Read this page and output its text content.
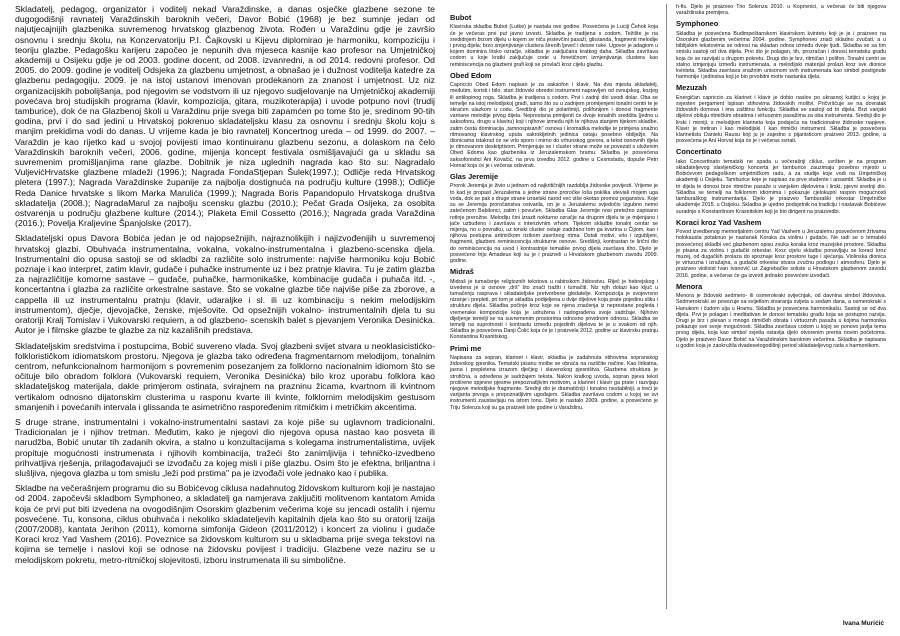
Skladatelj, pedagog, organizator i voditelj nekad Varaždinske, a danas osječke glazbene sezone te dugogodišnji ravnatelj Varaždinskih baroknih večeri, Davor Bobić (1968) je bez sumnje jedan od najutjecajnijih glazbenika suvremenog hrvatskog glazbenog života. Rođen u Varaždinu gdje je završio osnovnu i srednju školu, na Konzervatoriju P.I. Čajkovski u Kijevu diplomirao je harmoniku, kompoziciju i teoriju glazbe. Pedagošku karijeru započeo je nepunih dva mjeseca kasnije kao profesor na Umjetničkoj akademiji u Osijeku gdje je od 2003. godine docent, od 2008. izvanredni, a od 2014. redovni profesor. Od 2005. do 2009. godine je voditelj Odsjeka za glazbenu umjetnost, a obnašao je i dužnost voditelja katedre za glazbenu pedagogiju. 2009. je na istoj ustanovi imenovan prodekanom za znanost i umjetnost. Uz niz organizacijskih pobolijšanja, pod njegovim se vodstvom ili uz njegovo sudjelovanje na Umjetničkoj akademiji povećava broj studijskih programa (klavir, kompozicija, gitara, muzikoterapija) i uvode potpuno novi (trudij tamburice), dok će na Glazbenoj školi u Varaždinu prije svega biti zapamćen po tome što je, sredinom 90-tih godina, prvi i do sad jedini u Hrvatskoj pokrenuo skladateljsku klasu za osnovnu i srednju školu koju s manjim prekidima vodi do danas. U vrijeme kada je bio ravnatelj Koncertnog ureda – od 1999. do 2007. – Varaždin je kao rijetko kad u svojoj povijesti imao kontinuiranu glazbenu sezonu, a dolaskom na čelo Varaždinskih baroknih večeri, 2006. godine, mijenja koncept festivala osmišljavajući ga u skladu sa suvremenim promišljanjima rane glazbe. Dobitnik je niza uglednih nagrada kao što su: Nagradalo VuljevićHrvatske glazbene mladeži (1996.); Nagrada FondaStjepan Šulek(1997.); Odličje reda Hrvatskog pletera (1997.); Nagrada Varaždinske županije za najbolja dostignuća na području kulture (1998.); Odličje Reda Danice hrvatske s likom Marka Marulića (1999.); Nagrada Boris Papandopulo Hrvatskoga društva skladatelja (2008.); NagradaMarul za najbolju scensku glazbu (2010.); Pečat Grada Osijeka, za osobita ostvarenja u području glazbene kulture (2014.); Plaketa Emil Cossetto (2016.); Nagrada grada Varaždina (2016.); Povelja Kraljevine Španjolske (2017).

Skladateljski opus Davora Bobića jedan je od najopsežnijih, najraznolikijih i najizvođenijih u suvremenoj hrvatskoj glazbi. Obuhvaća instrumentalna, vokalna, vokalno-instrumentalna i glazbeno-scenska djela. Instrumentalni dio opusa sastoji se od skladbi za različite solo instrumente: najviše harmoniku koju Bobić poznaje i kao interpret, zatim klavir, gudače i puhačke instrumente uz i bez pratnje klavira. Tu je zatim glazba za najrazličitije komorne sastave – gudače, puhačke, harmonikaške, kombinacije gudača i puhača itd. -, koncertantna i glazba za različite orkestralne sastave. Što se vokalne glazbe tiče najviše piše za zborove, a cappella ili uz instrumentalnu pratnju (klavir, udaraljke i sl. ili uz kombinaciju s nekim melodijskim instrumentom), dječje, djevojačke, ženske, mješovite. Od opsežnijih vokalno- instrumentalnih djela tu su oratoriji Kralj Tomislav i Vukovarski requiem, a od glazbeno- scenskih balet s pjevanjem Veronika Desinićka. Autor je i filmske glazbe te glazbe za niz kazališnih predstava.

Skladateljskim sredstvima i postupcima, Bobić suvereno vlada. Svoj glazbeni svijet stvara u neoklasicistićko-folklorističkom idiomatskom prostoru. Njegova je glazba tako određena fragmentarnom melodijom, tonalnim centrom, nefunkcionalnom harmonijom s povremenim posezanjem za folklorno nacionalnim idiomom što se očituje bilo obradom folklora (Vukovarski requiem, Veronika Desinićka) bilo kroz uporabu folklora kao skladateljskog materijala, dakle primjerom ostinata, svirajnem na prazninu žicama, kvartnom ili kvintnom vertikalom odnosno dijatonskim clusterima u rasponu kvarte ili kvinte, folklornim melodijskim gestusom smanjenih i povećanih intervala i glissanda te asimetrično raspoređenim ritmičkim i metričkim akcentima.

S druge strane, instrumentalni i vokalno-instrumentalni sastavi za koje piše su uglavnom tradicionalni. Tradicionalan je i njihov tretman. Međutim, kako je njegovi dio njegova opusa nastao kao posveta ili narudžba, Bobić unutar tih zadanih okvira, a stalno u konzultacijama s kolegama instrumentalistima, uvijek propituje mogućnosti instrumenata i njihovih kombinacija, tražeći što zanimljivija i tehničko-izvedbeno prihvatljiva rješenja, prilagođavajući se izvođaču za kojeg misli i piše glazbu. Osim što je efektna, briljantna i slušljiva, njegova glazba u tom smislu „leži pod prstima" pa je izvođači vole jednako kao i publika.

Skladbe na večerašnjem programu dio su Bobićevog ciklusa nadahnutog židovskom kulturom koji je nastajao od 2004. započevši skladbom Symphoneo, a skladatelj ga namjerava zaključiti molitvenom kantatom Amida koja će prvi put biti izvedena na ovogodišnjim Osorskim glazbenim večerima koje su jencadi ostalih i njemu posvećene. Tu, konsona, ciklus obuhvaća i nekoliko skladateljevih kapitalnih djela kao što su oratorij Izaija (2007/2008), kantata Jerihon (2011), komorna simfonija Gideon (2011/2012) i koncert za violinu i gudače Koraci kroz Yad Vashem (2016). Poveznice sa židovskom kulturom su u skladbama prije svega tekstovi na kojima se temelje i naslovi koji se odnose na židovsku povijest i tradiciju. Glazbene veze naziru se u melodijskom pokretu, metro-ritmičkoj slojevitosti, izboru instrumenata ili su simbolične.

Bubot

Klavirska skladba Bubot (Lutke) je nastala ove godine. Posvećena je Luciji Čehok koja će je večeras prvi put javno izvesti. Skladba je tradijena s codom. Težište je na sredidnjem brzom dijelu u kojem se niču jestevčini pasaži, glissanda, fragmenti melodije i prvog dijela; brzo smjenjivanje clustera šireolh ljeveč i desne ruke. Ugovor je adagiom u kojem dominira lirsko ozračje, skladba je zaključana kratkog daha. Skladba završava codom u koje kratki zaključuje code u fonetičnom izmjenjivanja clustera kao reminiscencija na glazbeni grafi koji se provlači kroz cijelu glazbu.

Obed Edom

Capriccio Obed Edom napisan je za saksofon i klavir. Na dva mjesta skladatelj, međutim, koristi i bilo, stari židovski obredni instrument napravljen od ovnujskog, kozjeg ili antilopinog roga. Skladba je tradijena s codom. Prvi i zadnji dio uvodi dolar. Oba se temelje na istoj melodijskoj građi, samo što su u zadnjem promijenjeni tonalni centri te je skraćen ulazkom u codu. Središnji dio je polaritmiji, polifonijom i donosi fragmente varirane melodije prvog dijela. Neprestana primijenit će dvoje tonalnih središta (jedno u saksofonu, drugo u klaviru) koji i njihove između njih te njihova stanjem tijekom skladbe, zatim česta dominacija „tamnospisanih" osnova i kromatika melodije te primjena snažno ritmovanog klavirskog uputa sakrokljetnih jedinica ostaju posebno obilježje. Na dionicama istaknut će se vrlo sporo i mirno do vrhunskog govora, a tekst osnovnih djela je ritmovanom deskriptivom. Primjenjuje se i cluster strane može se povezati s uloženim Obed Edoma kao glazbenika iz Jeruzalemskom hramu. Skladba je posvećena saksofonistici Ani Kovačić, na prvu izvedbu 2012. godine u Cesmstadu, dopuše Petri Hornat koja će je i večeras odsvirati.

Glas Jeremije

Prorok Jeremija je živio u jednom od najkritičnijih razdoblja židovske povijesti. Vrijeme je to kad je propast Jeruzalema u jedne strane proročke loša poklika uteviali mojem uga voda, dok se pak s druge strane izraelski narod već više oketao promoz poganstvu. Koje su se Jeremija proročanstva ostvarila, on je u Jeruzalemu svjedočio izgubno nemo zatečenom Babilonci, zatim i povučen. Skladba Glas Jeremije nosi pretežno zapisano rotlnje prerožne. Melodiju čini izrazit nokturno ozračje na drugom dijelu te je mijenjano i jače uzbuđeno i završava s intenzivnim vrhom. Tijekom skladbe tonalni centar se mijenja, no u povratku, uz tonski cluster ostaje zadržano tom ga kvartna u Čijiom, kao i njihova postupna aritmičkom rizikom završnog ritma. Ostali motivi, vrlo i izgubljeni, fragmenti, glazbeni reminiscencija strukturne osnove. Središnji, kontrastan te lirični dio do reminiscencija na uvod i kontrastnije tematike prvog dijela završava tiho. Djelo je posvećeno triju Amadeus koji su je i praizveli u Hrvatskom glazbenom zavodu 2009. godine.

Midraš

Midraš je tumačenje religioznih tekstova u rabinskom židovstvu. Riječ je hebrejskog i izvedena je iz osnove „drš" što znači tražiti i tumačiti. Niz njih dolazi kao ključ u tumačenju rasprava i skladateljske pretvorbene gledatelje. Kompozicija je svojevrsno nizanje i prepleti, pri tom je skladba podijeljena u dvije dijelove koja prate pojedinu sliku i strukturu dijela. Skladba počinje kroz koje se njena značenja iz neprestane pogleda i vremenske kompozicije koja je udružena i nadograđena svoje sadržaje. Njihovo dijeljenje temelji se na suvremenim prostorima odnosno prividnom odnosu. Skladba se temelji na suprotnosti i kontrastu između pojedinih dijelova te je u svakom od njih. Skladba je posvećena Danji Čolić koja će je i praizvela 2012. godine uz klavirsku pratnju Konstantina Krasnitskog.

Primi me

Napisana za sopran, klarinet i klavir, skladba je zadahnuta stihovima sopranskog židovskog pjesnika. Tematski pisanu molbe se obraća na različite načine. Kao lirikatna, jasna i prepletena izrazom dječjeg i slavenskog pjesništva. Glazbena struktura je strofična, a određena je sadržajem teksta. Nakon kratkog uvoda, sopran pjeva tekst proširene spjevne pjesme prepoznatljivim motivom, a klarinet i klavir ga prate i razvijaju njegove melodijske fragmente. Srednji dio je dramatičniji i tonalno nestabilniji, a treći je varijanta prvoga s prepoznatljivim ugođajem. Skladba završava codom u kojoj se svi instrumenti zaustavljaju na istom tonu. Djelo je nastalo 2009. godine, a posvećeno je Triju Solenza koji su ga praizveli iste godine u Varaždinu.

h-fis. Djelo je praizveo Trio Solenza 2010. u Koprivnici, a večeras će biti njegova varaždinska premijera.

Symphoneo

Skladba je posvećena Budimpeštanskom klavirskom kvintetu koji je je i praizveo na Osorskim glazbenim večerima 2004. godine. Symphoneo znači skladno zvučati, a u biblijskim tekstovima se odnosi na skladan odnos između dvoje ljudi. Skladba se sa tim smislu sastoji od dva dijela. Prvi dio je polagan, tih, prozračan i donosi tematsku građu koja će se razvijati u drugom pokretu. Drugi dio je brz, ritmičan i polifon. Tonalni centri se stalno izmjenjuju između instrumenata, a melodijski materijal prolazi kroz sve dionice kvinteta. Skladba završava snažnim unisonom svih instrumenata kao simbol postignute harmonije i jedinstva koji je bio prvobitni motiv nastanka djela.

Mezuzah

Energičan capriccio za klarinet i klavir je dobio naslov po ukrasnoj kutijici u kojoj je svjesten pergament ispisan stihovima židovskih molitvi. Pričvršćuje se na dovratak židovskih domova i ima zaštitnu funkciju. Skladba se sastoji od tri dijela. Brzi vanjski dijelovi obiluju ritmičkim obratima i virtuoznim pasažima za oba instrumenta. Srednji dio je lirski i mirniji, s melodijom klarineta koja podsjeća na tradicionalne židovske napjeve. Klavir je tretiran i kao melodijski i kao ritmički instrument. Skladba je posvećena klarinetistu Danielu Rausu koji ju je zajedno s pijanisticom praizveo 2013. godine, a posvećena je Ani Horvat koja će je i večeras svirati.

Concertinato

Iako Concertinato tematski ne spada u večerašnji ciklus, uvršten je na program skladateljevog slavljeničkog koncerta jer tamburice zauzimaju posebno mjesto u Bobićevom pedagoškom umjetničkom radu, a za studije koje vodi na Umjetničkoj akademiji u Osijeku. Tamburice koje je napisao za prve studente i ansambl. Skladba je u tri dijela te donosi brze ritmične pasaže u vanjskim dijelovima i lirski, pjevni srednji dio. Skladba se temelji na folklornim idiomima i pokazuje cjelokupni raspon mogućnosti tamburaškog instrumentarija. Djelo je praizveo Tamburaški orkestar Umjetničke akademije 2015. u Osijeku. Skladba je ujedno podsjetnik na tradiciju i nastavak Bobićeve suradnje s Konstantinom Krasnitskim koji je bio dirigent na praizvedbi.

Koraci kroz Yad Vashem

Povod izvedbenog memorijalnim centru Yad Vashem u Jeruzalemu posvećenom žrtvama holokausta potaknuo je nastanak Koraka za violinu i gudače. Ne radi se o tematski posvećenoj skladbi već glazbenom opisu zvuka koraka kroz muzejske prostore. Skladba je pisana za violinu i gudački orkestar. Kroz cijelu skladbu ponavljaju se koraci kroz muzej, od dugačkih prolaza do spoznaje kroz prostore tuge i sjećanja. Violinska dionica je virtuozna i izražajna, a gudački orkestar stvara zvučnu podlogu i atmosferu. Djelo je praizveo violinist Ivan Ivanović uz Zagrebačke soliste u Hrvatskom glazbenom zavodu 2016. godine, a večeras će ga izvesti jednako posvećeni izvođači.

Menora

Menora je židovski sedmero- ili osmerokraki svijećnjak, od davnina simbol židovstva. Sedmerokraki se povezuje sa svijetlom stvaranja svijeta u sedam dana, a osmerokraki s Hanukom i čudom ulja u Hramu. Skladba je posvećena harmonikašu. Sastoji se od dva dijela. Prvi je polagan i meditativan te donosi tematsku građu koja se postupno razvija. Drugi je brz i plesan s mnogo ritmičkih obrata i virtuoznih pasaža u kojima harmonika pokazuje sve svoje mogućnosti. Skladba završava codom u kojoj se ponovo javlja tema prvog dijela, koja kao simbol svjetla ostavlja djelo otvorenim prema novim početcima. Djelo je praizveo Davor Bobić na Varaždinskim baroknim večerima. Skladba je napisana u godini koja je zaokružila dvadesetogodišnji period skladateljevog rada s harmonikom.

Ivana Murićić
